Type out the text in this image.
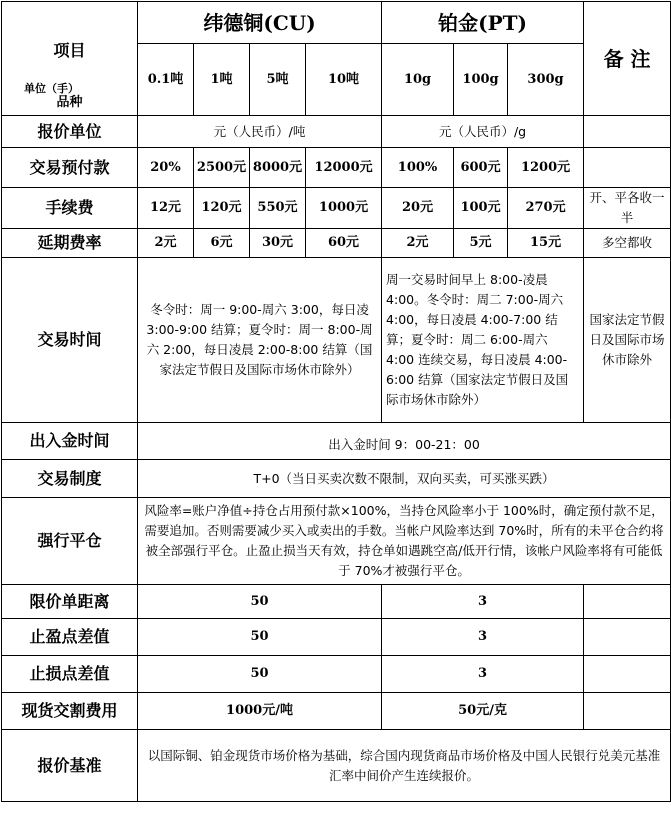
项目
单位（手）
品种	纬德铜(CU)				铂金(PT)			备 注
	0.1吨	1吨	5吨	10吨	10g	100g	300g	
报价单位	元（人民币）/吨				元（人民币）/g			
交易预付款	20%	2500元	8000元	12000元	100%	600元	1200元	
手续费	12元	120元	550元	1000元	20元	100元	270元	开、平各收一半
延期费率	2元	6元	30元	60元	2元	5元	15元	多空都收
交易时间	冬令时：周一 9:00-周六 3:00，每日凌 3:00-9:00 结算；夏令时：周一 8:00-周六 2:00，每日凌晨 2:00-8:00 结算（国家法定节假日及国际市场休市除外）				周一交易时间早上 8:00-凌晨 4:00。冬令时：周二 7:00-周六 4:00，每日凌晨 4:00-7:00 结算；夏令时：周二 6:00-周六 4:00 连续交易，每日凌晨 4:00-6:00 结算（国家法定节假日及国际市场休市除外）			国家法定节假日及国际市场休市除外
出入金时间	出入金时间 9：00-21：00							
交易制度	T+0（当日买卖次数不限制，双向买卖，可买涨买跌）							
强行平仓	风险率=账户净值÷持仓占用预付款×100%，当持仓风险率小于 100%时，确定预付款不足，需要追加。否则需要减少买入或卖出的手数。当帐户风险率达到 70%时，所有的未平仓合约将被全部强行平仓。止盈止损当天有效，持仓单如遇跳空高/低开行情，该帐户风险率将有可能低于 70%才被强行平仓。							
限价单距离	50				3			
止盈点差值	50				3			
止损点差值	50				3			
现货交割费用	1000元/吨				50元/克			
报价基准	以国际铜、铂金现货市场价格为基础，综合国内现货商品市场价格及中国人民银行兑美元基准汇率中间价产生连续报价。							
